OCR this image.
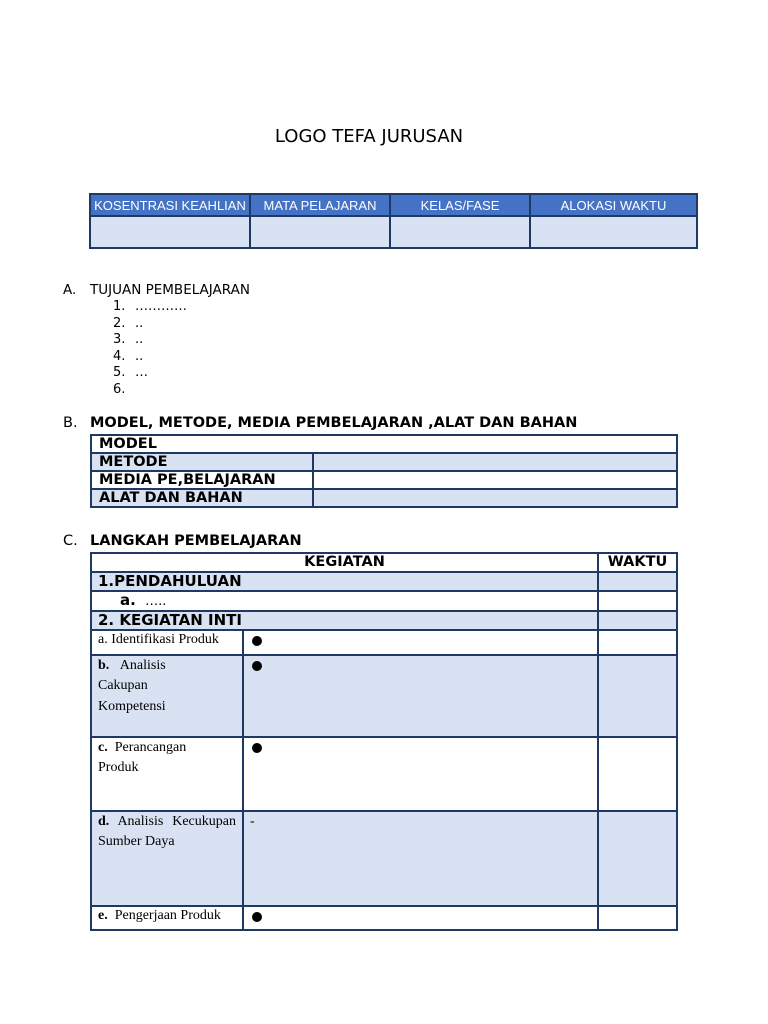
LOGO TEFA JURUSAN
KOSENTRASI KEAHLIAN	MATA PELAJARAN	KELAS/FASE	ALOKASI WAKTU

A. TUJUAN PEMBELAJARAN
1. …………
2. ..
3. ..
4. ..
5. …
6.
B. MODEL, METODE, MEDIA PEMBELAJARAN ,ALAT DAN BAHAN
MODEL	
METODE	
MEDIA PE,BELAJARAN	
ALAT DAN BAHAN	
C. LANGKAH PEMBELAJARAN
KEGIATAN		WAKTU
1.PENDAHULUAN		
a. …..		
2. KEGIATAN INTI		
a. Identifikasi Produk		
b. Analisis Cakupan Kompetensi		
c. Perancangan Produk		
d. Analisis Kecukupan Sumber Daya	-	
e. Pengerjaan Produk		
